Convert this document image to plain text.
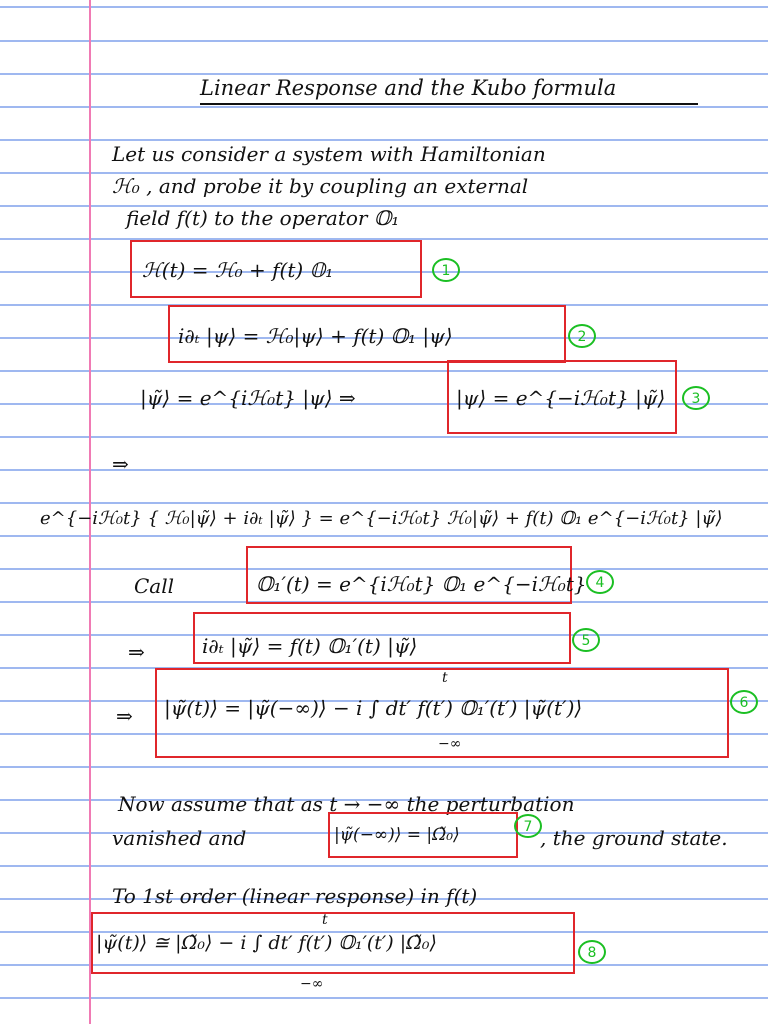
Linear Response and the Kubo formula
Let us consider a system with Hamiltonian
ℋ₀ , and probe it by coupling an external
field f(t) to the operator 𝕆₁
ℋ(t) = ℋ₀ + f(t) 𝕆₁	1
i∂ₜ |ψ⟩ = ℋ₀|ψ⟩ + f(t) 𝕆₁ |ψ⟩	2
|ψ̃⟩ = e^{iℋ₀t} |ψ⟩ ⇒	|ψ⟩ = e^{−iℋ₀t} |ψ̃⟩	3
⇒
e^{−iℋ₀t} { ℋ₀|ψ̃⟩ + i∂ₜ |ψ̃⟩ } = e^{−iℋ₀t} ℋ₀|ψ̃⟩ + f(t) 𝕆₁ e^{−iℋ₀t} |ψ̃⟩
Call	𝕆₁′(t) = e^{iℋ₀t} 𝕆₁ e^{−iℋ₀t} 4
⇒	i∂ₜ |ψ̃⟩ = f(t) 𝕆₁′(t) |ψ̃⟩	5
⇒ |ψ̃(t)⟩ = |ψ̃(−∞)⟩ − i ∫ dt′ f(t′) 𝕆₁′(t′) |ψ̃(t′)⟩
t
−∞
6
Now assume that as t → −∞ the perturbation
vanished and	|ψ̃(−∞)⟩ = |Ω̃₀⟩	7 , the ground state.
To 1st order (linear response) in f(t)
|ψ̃(t)⟩ ≅ |Ω̃₀⟩ − i ∫ dt′ f(t′) 𝕆₁′(t′) |Ω̃₀⟩
t
−∞
8
